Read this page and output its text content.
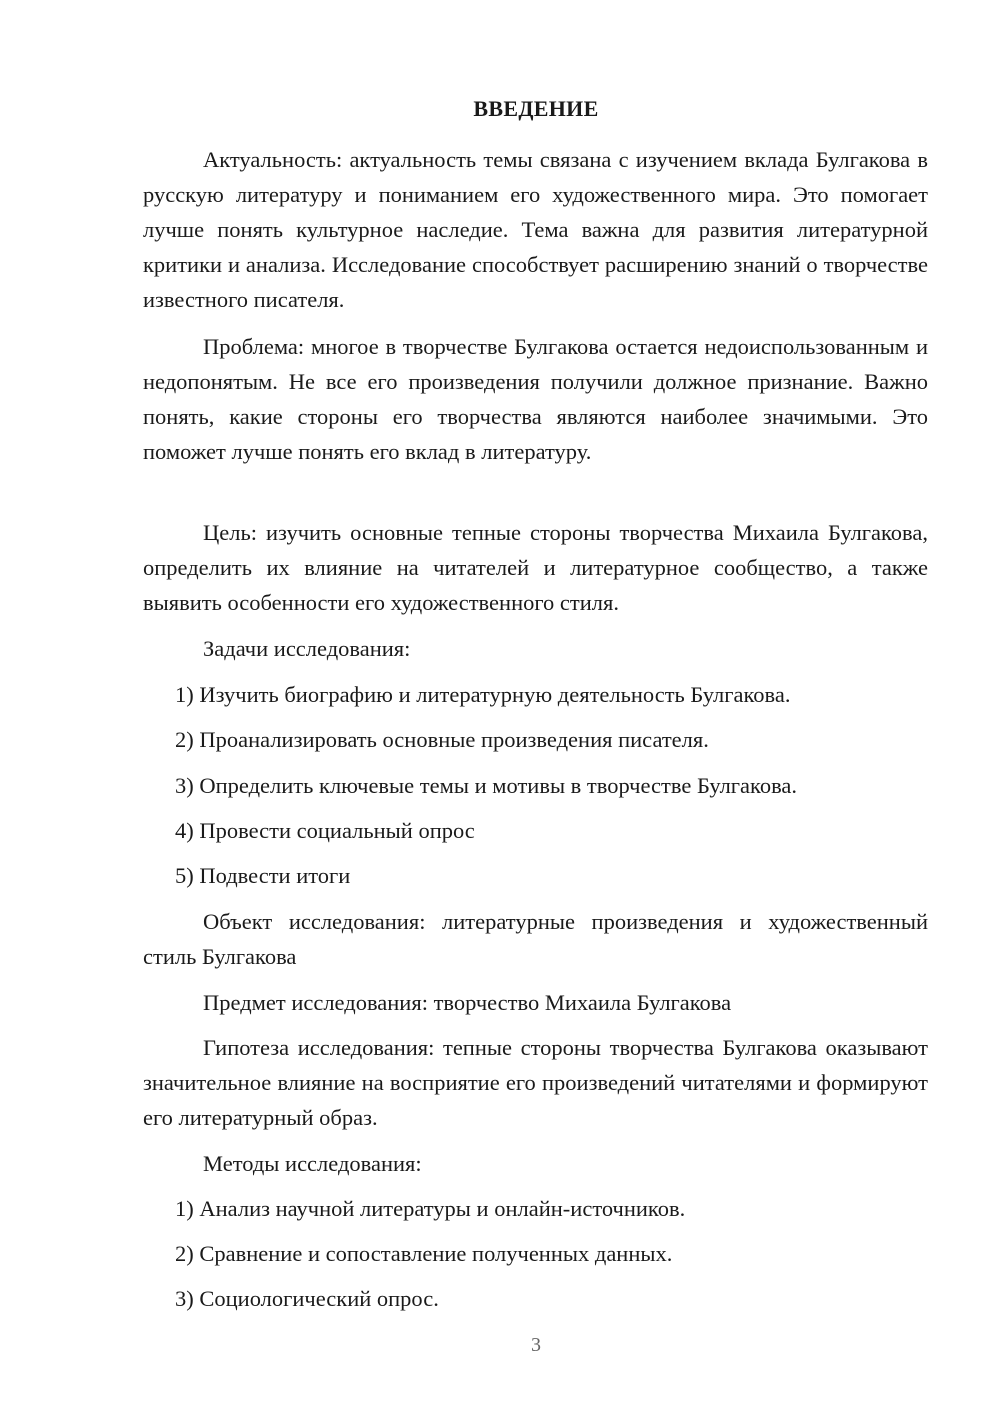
ВВЕДЕНИЕ

Актуальность: актуальность темы связана с изучением вклада Булгакова в русскую литературу и пониманием его художественного мира. Это помогает лучше понять культурное наследие. Тема важна для развития литературной критики и анализа. Исследование способствует расширению знаний о творчестве известного писателя.

Проблема: многое в творчестве Булгакова остается недоиспользованным и недопонятым. Не все его произведения получили должное признание. Важно понять, какие стороны его творчества являются наиболее значимыми. Это поможет лучше понять его вклад в литературу.

Цель: изучить основные тепные стороны творчества Михаила Булгакова, определить их влияние на читателей и литературное сообщество, а также выявить особенности его художественного стиля.

Задачи исследования:
1) Изучить биографию и литературную деятельность Булгакова.
2) Проанализировать основные произведения писателя.
3) Определить ключевые темы и мотивы в творчестве Булгакова.
4) Провести социальный опрос
5) Подвести итоги

Объект исследования: литературные произведения и художественный стиль Булгакова

Предмет исследования: творчество Михаила Булгакова

Гипотеза исследования: тепные стороны творчества Булгакова оказывают значительное влияние на восприятие его произведений читателями и формируют его литературный образ.

Методы исследования:
1) Анализ научной литературы и онлайн-источников.
2) Сравнение и сопоставление полученных данных.
3) Социологический опрос.
3
